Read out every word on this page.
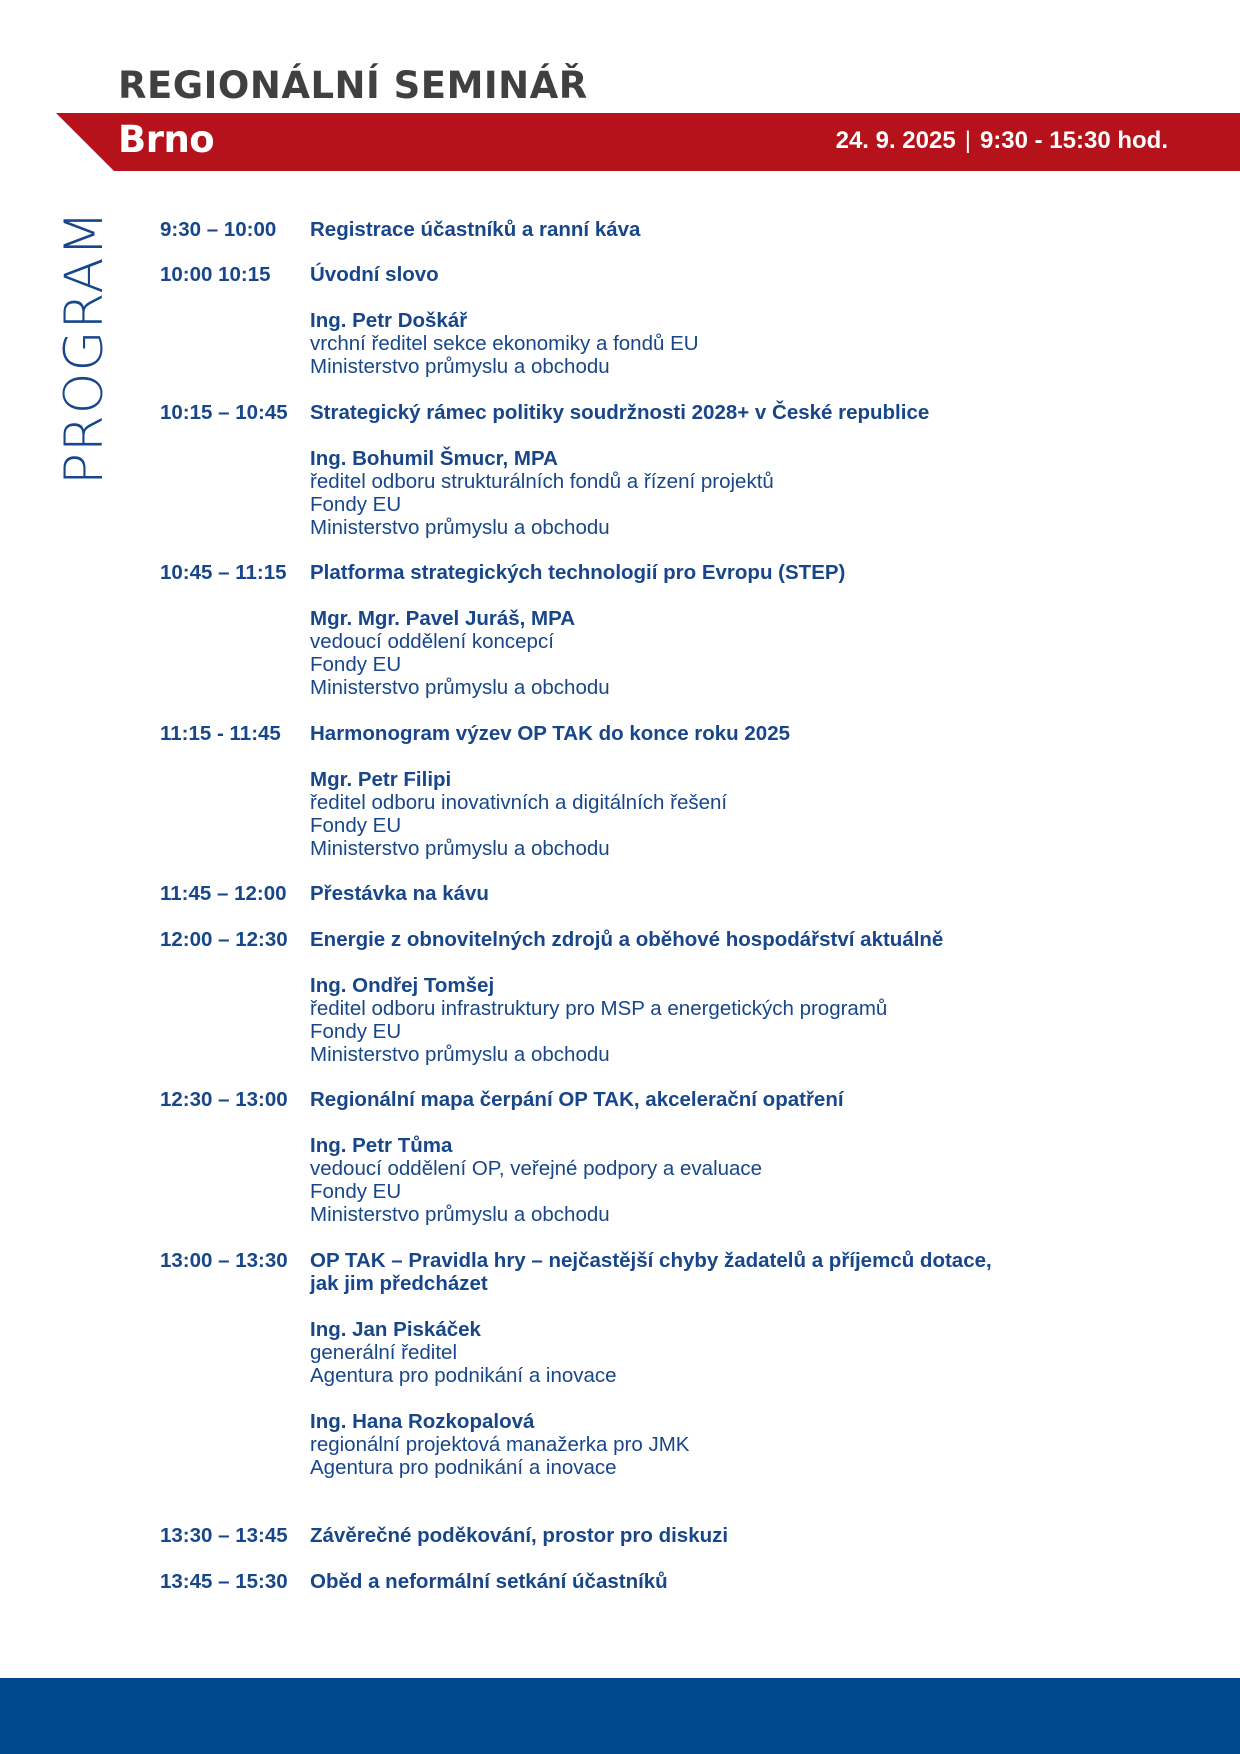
REGIONÁLNÍ SEMINÁŘ
Brno	24. 9. 2025 | 9:30 - 15:30 hod.
PROGRAM 9:30 – 10:00	Registrace účastníků a ranní káva
10:00 10:15	Úvodní slovo
Ing. Petr Doškář
vrchní ředitel sekce ekonomiky a fondů EU
Ministerstvo průmyslu a obchodu
10:15 – 10:45	Strategický rámec politiky soudržnosti 2028+ v České republice
Ing. Bohumil Šmucr, MPA
ředitel odboru strukturálních fondů a řízení projektů
Fondy EU
Ministerstvo průmyslu a obchodu
10:45 – 11:15	Platforma strategických technologií pro Evropu (STEP)
Mgr. Mgr. Pavel Juráš, MPA
vedoucí oddělení koncepcí
Fondy EU
Ministerstvo průmyslu a obchodu
11:15 - 11:45	Harmonogram výzev OP TAK do konce roku 2025
Mgr. Petr Filipi
ředitel odboru inovativních a digitálních řešení
Fondy EU
Ministerstvo průmyslu a obchodu
11:45 – 12:00	Přestávka na kávu
12:00 – 12:30	Energie z obnovitelných zdrojů a oběhové hospodářství aktuálně
Ing. Ondřej Tomšej
ředitel odboru infrastruktury pro MSP a energetických programů
Fondy EU
Ministerstvo průmyslu a obchodu
12:30 – 13:00	Regionální mapa čerpání OP TAK, akcelerační opatření
Ing. Petr Tůma
vedoucí oddělení OP, veřejné podpory a evaluace
Fondy EU
Ministerstvo průmyslu a obchodu
13:00 – 13:30	OP TAK – Pravidla hry – nejčastější chyby žadatelů a příjemců dotace,
jak jim předcházet
Ing. Jan Piskáček
generální ředitel
Agentura pro podnikání a inovace
Ing. Hana Rozkopalová
regionální projektová manažerka pro JMK
Agentura pro podnikání a inovace
13:30 – 13:45	Závěrečné poděkování, prostor pro diskuzi
13:45 – 15:30	Oběd a neformální setkání účastníků
